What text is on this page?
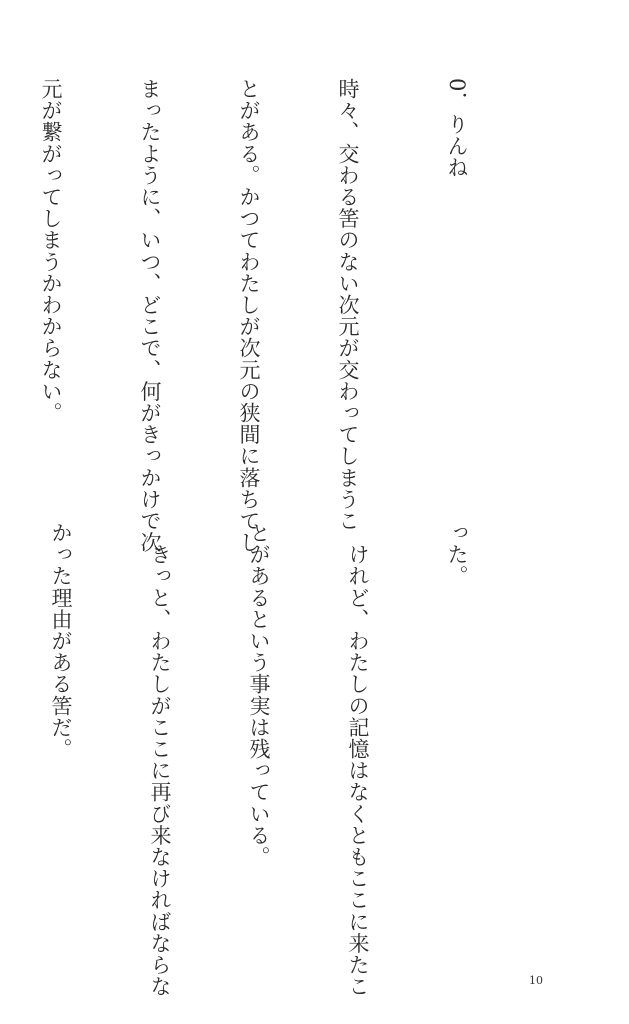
0．りんね

時々、交わる筈のない次元が交わってしまうこ

とがある。かつてわたしが次元の狭間に落ちてし

まったように、いつ、どこで、何がきっかけで次

元が繋がってしまうかわからない。

った。

　けれど、わたしの記憶はなくともここに来たこ

とがあるという事実は残っている。

　きっと、わたしがここに再び来なければならな

かった理由がある筈だ。

10
